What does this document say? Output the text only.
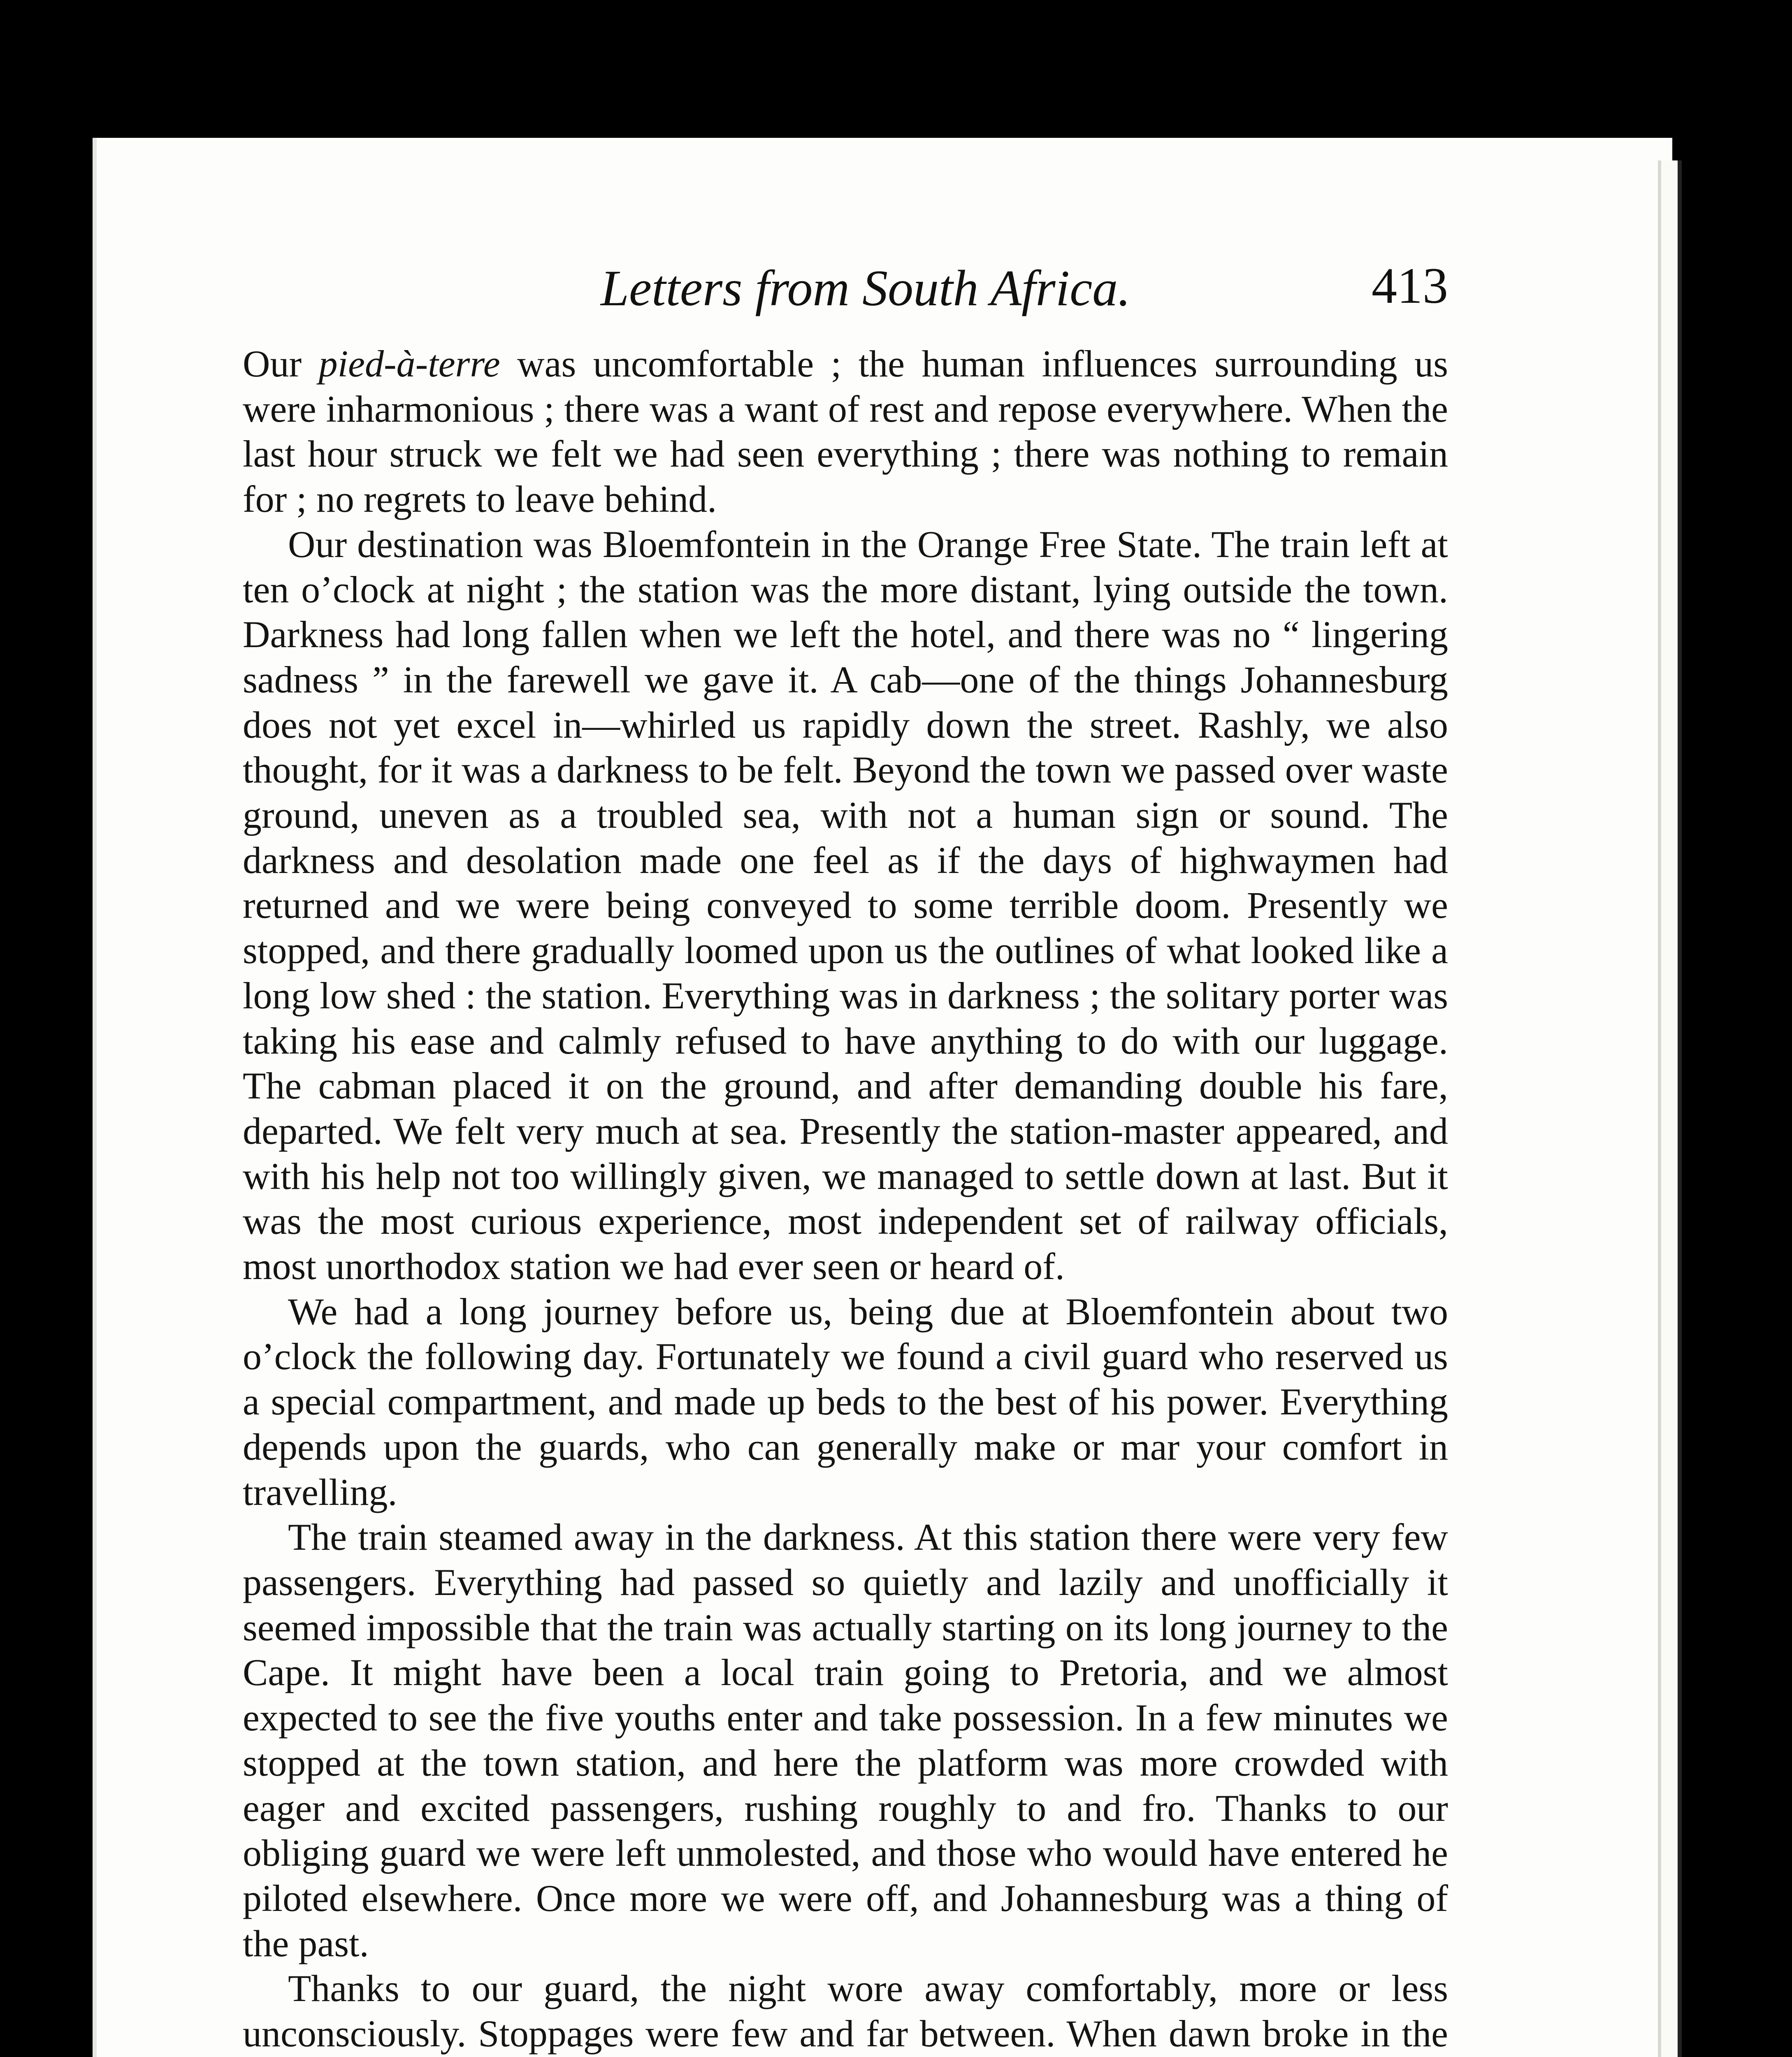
Letters from South Africa.	413

Our pied-à-terre was uncomfortable ; the human influences surrounding us were inharmonious ; there was a want of rest and repose everywhere. When the last hour struck we felt we had seen everything ; there was nothing to remain for ; no regrets to leave behind.

Our destination was Bloemfontein in the Orange Free State. The train left at ten o’clock at night ; the station was the more distant, lying outside the town. Darkness had long fallen when we left the hotel, and there was no “ lingering sadness ” in the farewell we gave it. A cab—one of the things Johannesburg does not yet excel in—whirled us rapidly down the street. Rashly, we also thought, for it was a darkness to be felt. Beyond the town we passed over waste ground, uneven as a troubled sea, with not a human sign or sound. The darkness and desolation made one feel as if the days of highwaymen had returned and we were being conveyed to some terrible doom. Presently we stopped, and there gradually loomed upon us the outlines of what looked like a long low shed : the station. Everything was in darkness ; the solitary porter was taking his ease and calmly refused to have anything to do with our luggage. The cabman placed it on the ground, and after demanding double his fare, departed. We felt very much at sea. Presently the station-master appeared, and with his help not too willingly given, we managed to settle down at last. But it was the most curious experience, most independent set of railway officials, most unorthodox station we had ever seen or heard of.

We had a long journey before us, being due at Bloemfontein about two o’clock the following day. Fortunately we found a civil guard who reserved us a special compartment, and made up beds to the best of his power. Everything depends upon the guards, who can generally make or mar your comfort in travelling.

The train steamed away in the darkness. At this station there were very few passengers. Everything had passed so quietly and lazily and unofficially it seemed impossible that the train was actually starting on its long journey to the Cape. It might have been a local train going to Pretoria, and we almost expected to see the five youths enter and take possession. In a few minutes we stopped at the town station, and here the platform was more crowded with eager and excited passengers, rushing roughly to and fro. Thanks to our obliging guard we were left unmolested, and those who would have entered he piloted elsewhere. Once more we were off, and Johannesburg was a thing of the past.

Thanks to our guard, the night wore away comfortably, more or less unconsciously. Stoppages were few and far between. When dawn broke in the
